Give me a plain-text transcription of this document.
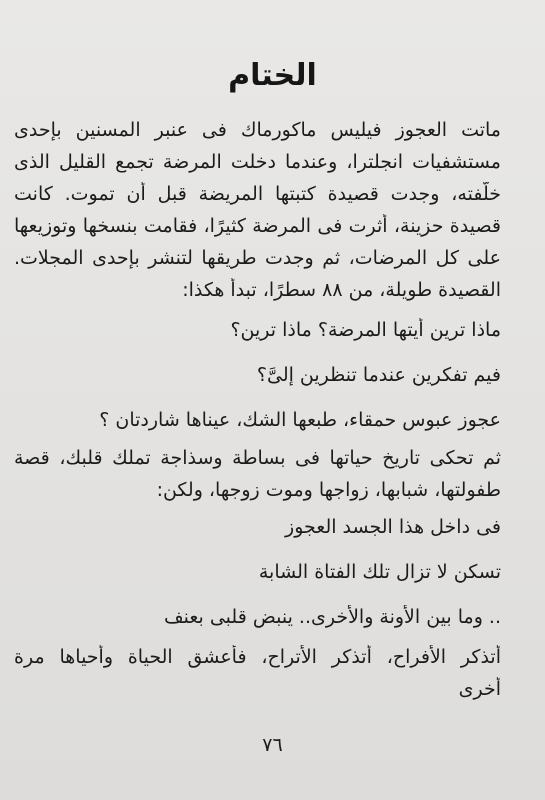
الختام
ماتت العجوز فيليس ماكورماك فى عنبر المسنين بإحدى
مستشفيات انجلترا، وعندما دخلت المرضة تجمع القليل الذى
خلَّفته، وجدت قصيدة كتبتها المريضة قبل أن تموت. كانت
قصيدة حزينة، أثرت فى المرضة كثيرًا، فقامت بنسخها وتوزيعها
على كل المرضات، ثم وجدت طريقها لتنشر بإحدى المجلات.
القصيدة طويلة، من ٨٨ سطرًا، تبدأ هكذا:
ماذا ترين أيتها المرضة؟ ماذا ترين؟
فيم تفكرين عندما تنظرين إلىَّ؟
عجوز عبوس حمقاء، طبعها الشك، عيناها شاردتان ؟
ثم تحكى تاريخ حياتها فى بساطة وسذاجة تملك قلبك، قصة
طفولتها، شبابها، زواجها وموت زوجها، ولكن:
فى داخل هذا الجسد العجوز
تسكن لا تزال تلك الفتاة الشابة
.. وما بين الأونة والأخرى.. ينبض قلبى بعنف
أتذكر الأفراح، أتذكر الأتراح، فأعشق الحياة وأحياها مرة
أخرى
٧٦
